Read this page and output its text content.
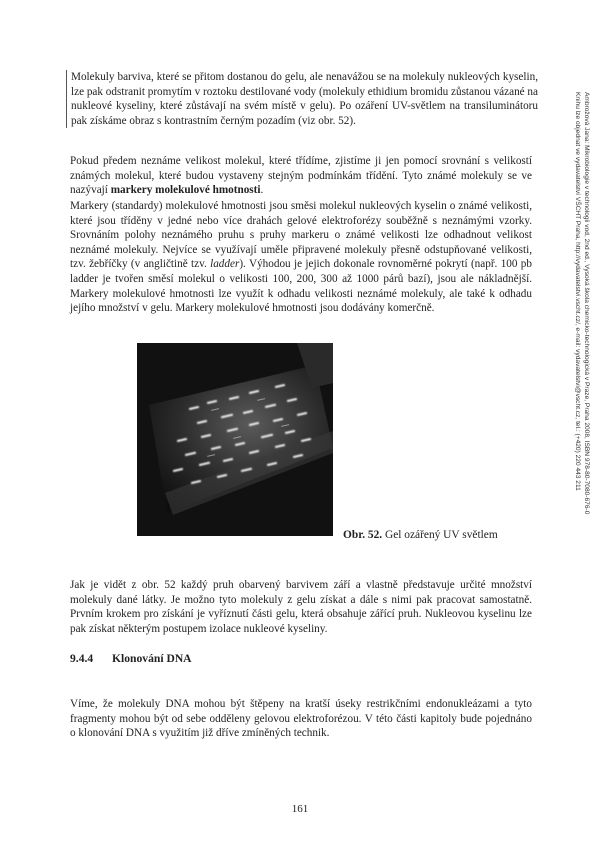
Molekuly barviva, které se přitom dostanou do gelu, ale nenavážou se na molekuly nukleových kyselin, lze pak odstranit promytím v roztoku destilované vody (molekuly ethidium bromidu zůstanou vázané na nukleové kyseliny, které zůstávají na svém místě v gelu). Po ozáření UV-světlem na transiluminátoru pak získáme obraz s kontrastním černým pozadím (viz obr. 52).

Pokud předem neznáme velikost molekul, které třídíme, zjistíme ji jen pomocí srovnání s velikostí známých molekul, které budou vystaveny stejným podmínkám třídění. Tyto známé molekuly se ve nazývají markery molekulové hmotnosti.

Markery (standardy) molekulové hmotnosti jsou směsi molekul nukleových kyselin o známé velikosti, které jsou tříděny v jedné nebo více drahách gelové elektroforézy souběžně s neznámými vzorky. Srovnáním polohy neznámého pruhu s pruhy markeru o známé velikosti lze odhadnout velikost neznámé molekuly. Nejvíce se využívají uměle připravené molekuly přesně odstupňované velikosti, tzv. žebříčky (v angličtině tzv. ladder). Výhodou je jejich dokonale rovnoměrné pokrytí (např. 100 pb ladder je tvořen směsí molekul o velikosti 100, 200, 300 až 1000 párů bazí), jsou ale nákladnější. Markery molekulové hmotnosti lze využít k odhadu velikosti neznámé molekuly, ale také k odhadu jejího množství v gelu. Markery molekulové hmotnosti jsou dodávány komerčně.

Obr. 52. Gel ozářený UV světlem

Jak je vidět z obr. 52 každý pruh obarvený barvivem září a vlastně představuje určité množství molekuly dané látky. Je možno tyto molekuly z gelu získat a dále s nimi pak pracovat samostatně. Prvním krokem pro získání je vyříznutí části gelu, která obsahuje zářící pruh. Nukleovou kyselinu lze pak získat některým postupem izolace nukleové kyseliny.

9.4.4 Klonování DNA

Víme, že molekuly DNA mohou být štěpeny na kratší úseky restrikčními endonukleázami a tyto fragmenty mohou být od sebe odděleny gelovou elektroforézou. V této části kapitoly bude pojednáno o klonování DNA s využitím již dříve zmíněných technik.

Ambrožová Jana: Mikrobiologie v technologii vod, 2nd ed., Vysoká škola chemicko-technologická v Praze, Praha 2008, ISBN 978-80-7080-676-0
Knihu lze objednat ve vydavatelství VŠCHT Praha, http://vydavatelstvi.vscht.cz/, e-mail: vydavatelstvi@vscht.cz, tel.: (+420) 220 443 211
161
